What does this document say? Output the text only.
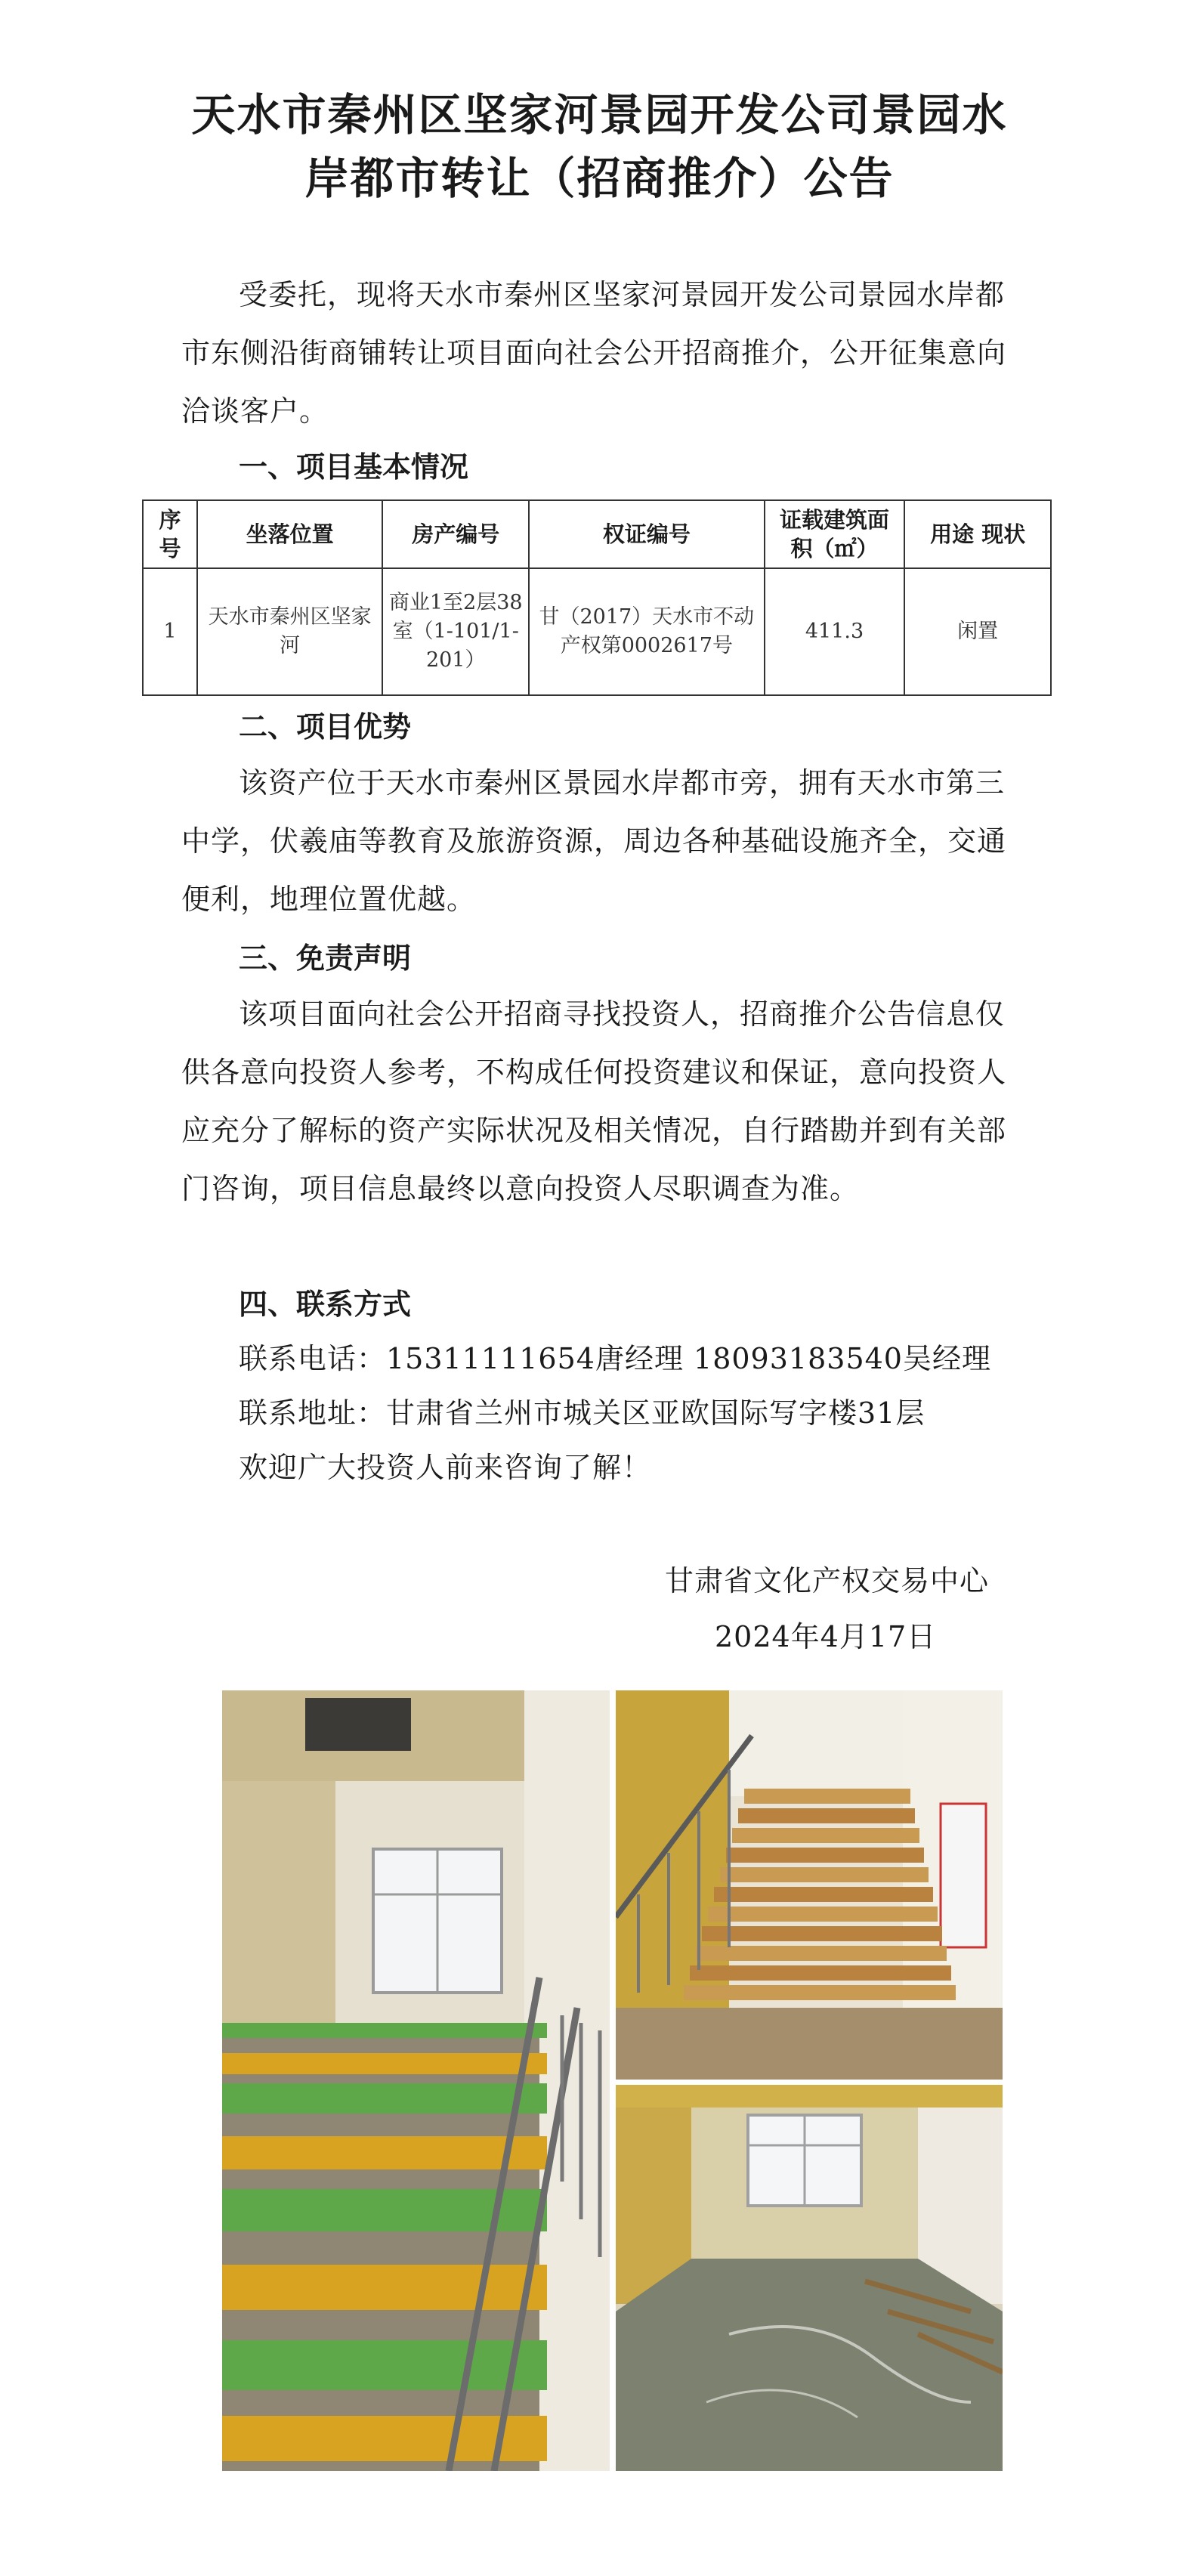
天水市秦州区坚家河景园开发公司景园水
岸都市转让（招商推介）公告
受委托，现将天水市秦州区坚家河景园开发公司景园水岸都市东侧沿街商铺转让项目面向社会公开招商推介，公开征集意向洽谈客户。
一、项目基本情况
序号	坐落位置	房产编号	权证编号	证载建筑面积（㎡）	用途 现状
1	天水市秦州区坚家河	商业1至2层38室（1-101/1-201）	甘（2017）天水市不动产权第0002617号	411.3	闲置
二、项目优势
该资产位于天水市秦州区景园水岸都市旁，拥有天水市第三中学，伏羲庙等教育及旅游资源，周边各种基础设施齐全，交通便利，地理位置优越。
三、免责声明
该项目面向社会公开招商寻找投资人，招商推介公告信息仅供各意向投资人参考，不构成任何投资建议和保证，意向投资人应充分了解标的资产实际状况及相关情况，自行踏勘并到有关部门咨询，项目信息最终以意向投资人尽职调查为准。
四、联系方式
联系电话：15311111654唐经理 18093183540吴经理
联系地址：甘肃省兰州市城关区亚欧国际写字楼31层
欢迎广大投资人前来咨询了解！
甘肃省文化产权交易中心
2024年4月17日
